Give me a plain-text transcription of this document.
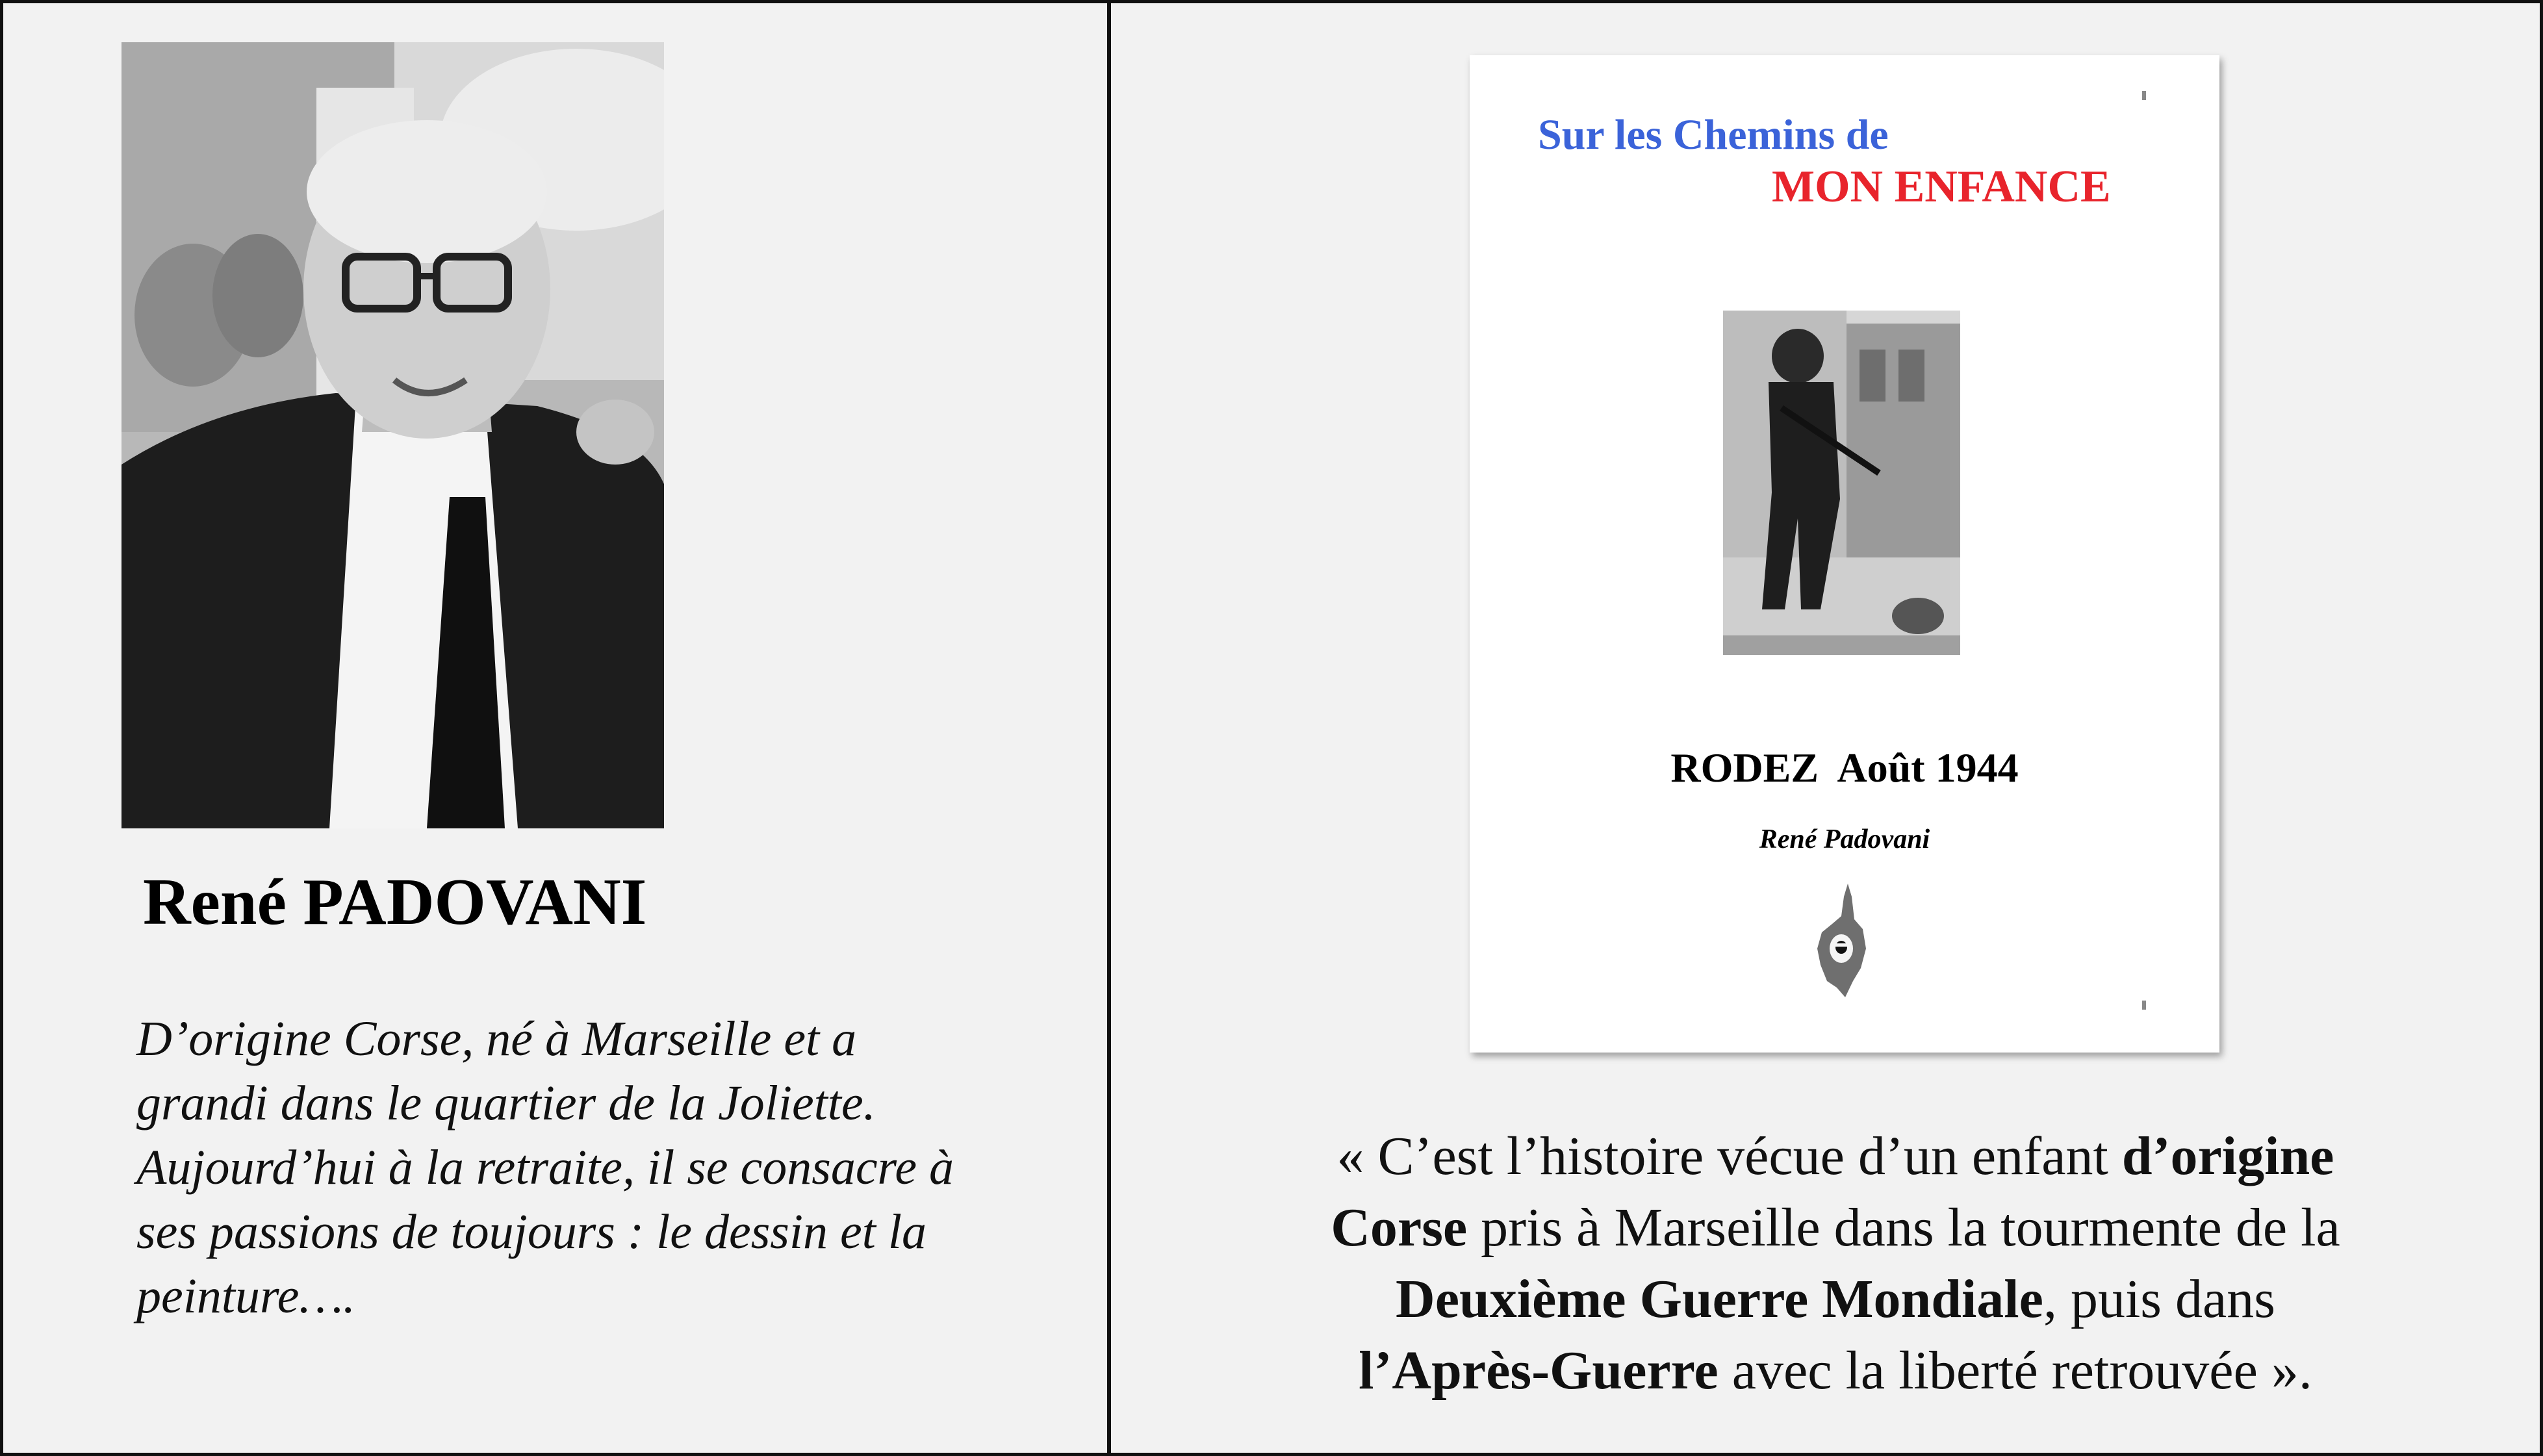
René PADOVANI
D’origine Corse, né à Marseille et a
grandi dans le quartier de la Joliette.
Aujourd’hui à la retraite, il se consacre à
ses passions de toujours : le dessin et la
peinture….
Sur les Chemins de
MON ENFANCE
RODEZ  Août 1944
René Padovani
« C’est l’histoire vécue d’un enfant d’origine
Corse pris à Marseille dans la tourmente de la
Deuxième Guerre Mondiale, puis dans
l’Après-Guerre avec la liberté retrouvée ».
